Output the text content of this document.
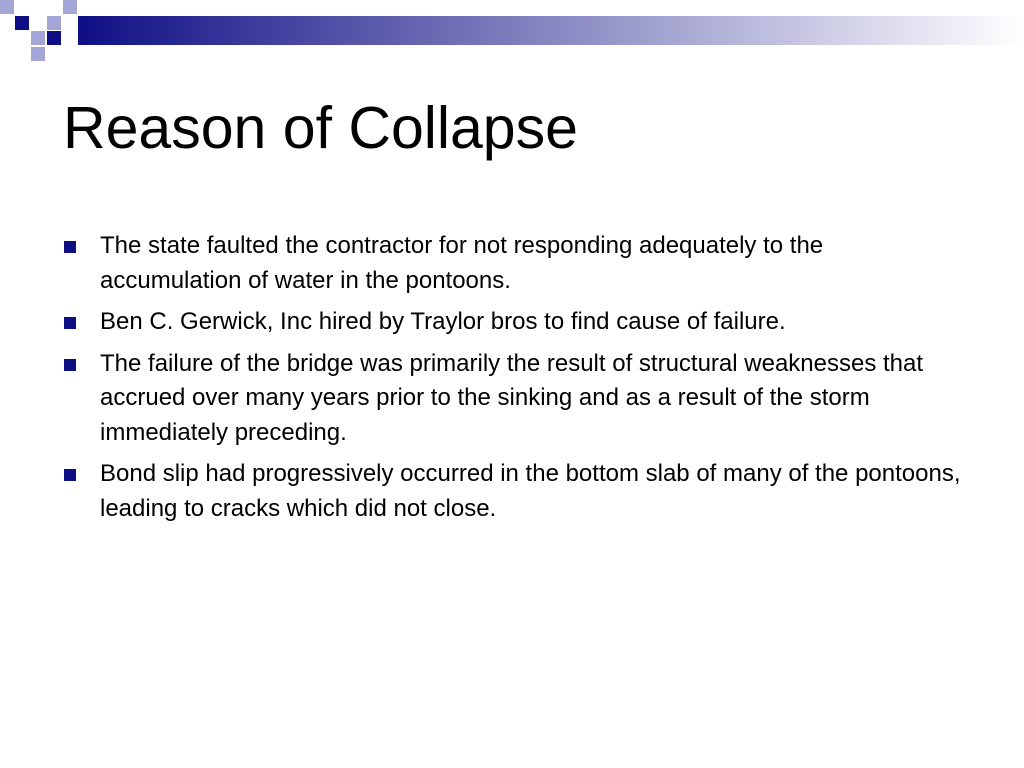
Reason of Collapse
The state faulted the contractor for not responding adequately to the accumulation of water in the pontoons.
Ben C. Gerwick, Inc hired by Traylor bros to find cause of failure.
The failure of the bridge was primarily the result of structural weaknesses that accrued over many years prior to the sinking and as a result of the storm immediately preceding.
Bond slip had progressively occurred in the bottom slab of many of the pontoons, leading to cracks which did not close.
